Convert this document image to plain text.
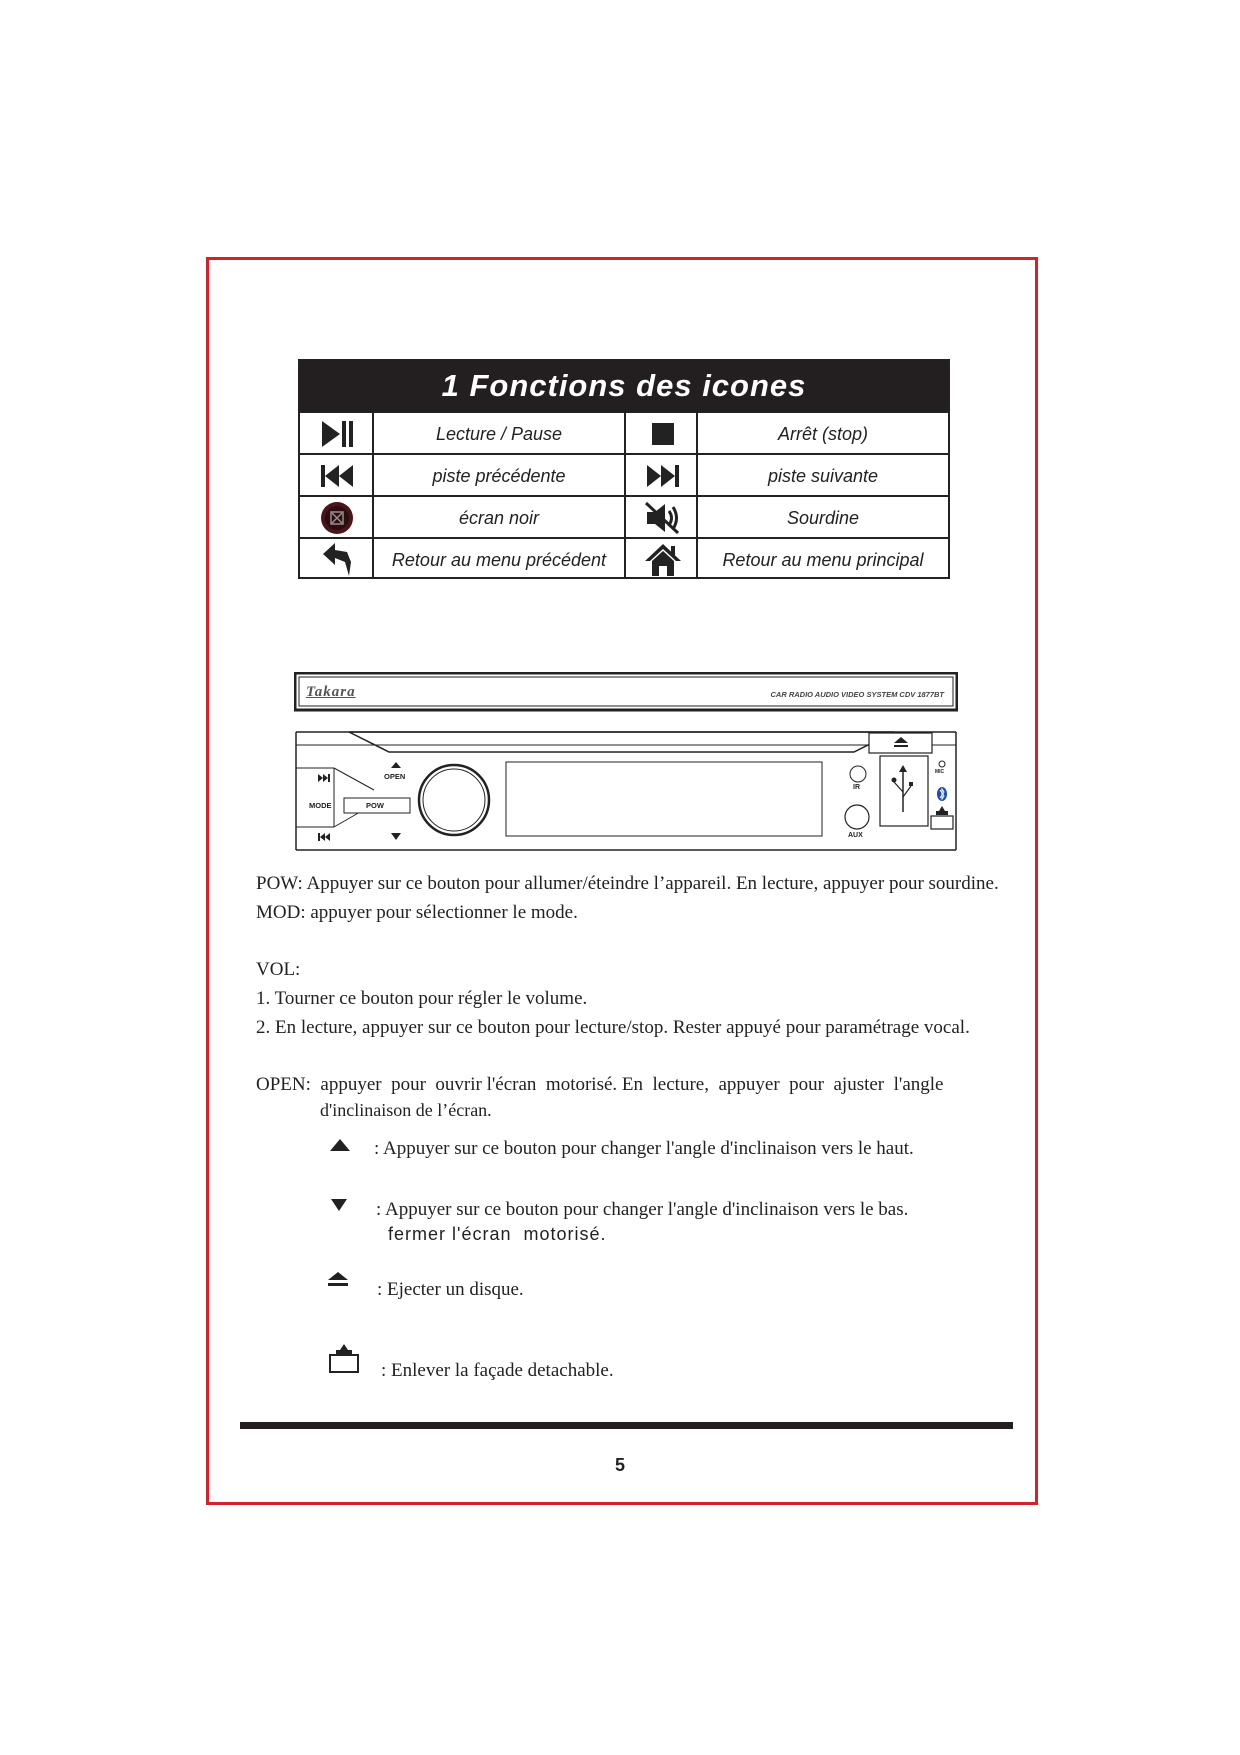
1 Fonctions des icones
Lecture / Pause	Arrêt (stop)
piste précédente	piste suivante
écran noir	Sourdine
Retour au menu précédent	Retour au menu principal
Takara	CAR RADIO AUDIO VIDEO SYSTEM CDV 1877BT
OPEN
MODE	POW
IR
AUX
MIC
POW: Appuyer sur ce bouton pour allumer/éteindre l’appareil. En lecture, appuyer pour sourdine.
MOD: appuyer pour sélectionner le mode.
VOL:
1. Tourner ce bouton pour régler le volume.
2. En lecture, appuyer sur ce bouton pour lecture/stop. Rester appuyé pour paramétrage vocal.
OPEN:  appuyer  pour  ouvrir l'écran  motorisé. En  lecture,  appuyer  pour  ajuster  l'angle
d'inclinaison de l’écran.
: Appuyer sur ce bouton pour changer l'angle d'inclinaison vers le haut.
: Appuyer sur ce bouton pour changer l'angle d'inclinaison vers le bas.
fermer l'écran  motorisé.
: Ejecter un disque.
: Enlever la façade detachable.
5
